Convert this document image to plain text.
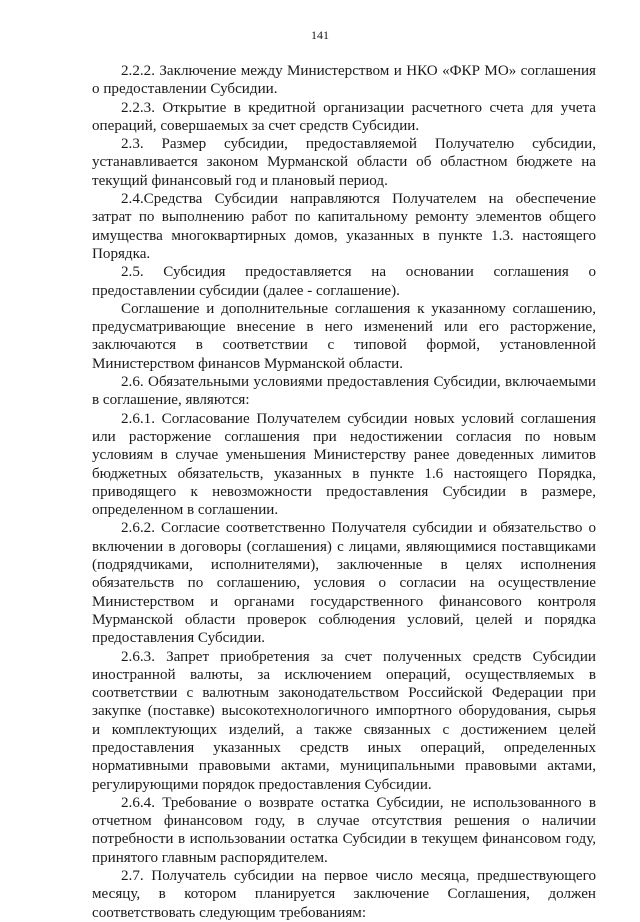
141
2.2.2. Заключение между Министерством и НКО «ФКР МО» соглашения
о предоставлении Субсидии.
2.2.3. Открытие в кредитной организации расчетного счета для учета
операций, совершаемых за счет средств Субсидии.
2.3. Размер субсидии, предоставляемой Получателю субсидии,
устанавливается законом Мурманской области об областном бюджете на
текущий финансовый год и плановый период.
2.4.Средства Субсидии направляются Получателем на обеспечение
затрат по выполнению работ по капитальному ремонту элементов общего
имущества многоквартирных домов, указанных в пункте 1.3. настоящего
Порядка.
2.5. Субсидия предоставляется на основании соглашения о
предоставлении субсидии (далее - соглашение).
Соглашение и дополнительные соглашения к указанному соглашению,
предусматривающие внесение в него изменений или его расторжение,
заключаются в соответствии с типовой формой, установленной
Министерством финансов Мурманской области.
2.6. Обязательными условиями предоставления Субсидии, включаемыми
в соглашение, являются:
2.6.1. Согласование Получателем субсидии новых условий соглашения
или расторжение соглашения при недостижении согласия по новым
условиям в случае уменьшения Министерству ранее доведенных лимитов
бюджетных обязательств, указанных в пункте 1.6 настоящего Порядка,
приводящего к невозможности предоставления Субсидии в размере,
определенном в соглашении.
2.6.2. Согласие соответственно Получателя субсидии и обязательство о
включении в договоры (соглашения) с лицами, являющимися поставщиками
(подрядчиками, исполнителями), заключенные в целях исполнения
обязательств по соглашению, условия о согласии на осуществление
Министерством и органами государственного финансового контроля
Мурманской области проверок соблюдения условий, целей и порядка
предоставления Субсидии.
2.6.3. Запрет приобретения за счет полученных средств Субсидии
иностранной валюты, за исключением операций, осуществляемых в
соответствии с валютным законодательством Российской Федерации при
закупке (поставке) высокотехнологичного импортного оборудования, сырья
и комплектующих изделий, а также связанных с достижением целей
предоставления указанных средств иных операций, определенных
нормативными правовыми актами, муниципальными правовыми актами,
регулирующими порядок предоставления Субсидии.
2.6.4. Требование о возврате остатка Субсидии, не использованного в
отчетном финансовом году, в случае отсутствия решения о наличии
потребности в использовании остатка Субсидии в текущем финансовом году,
принятого главным распорядителем.
2.7. Получатель субсидии на первое число месяца, предшествующего
месяцу, в котором планируется заключение Соглашения, должен
соответствовать следующим требованиям:
